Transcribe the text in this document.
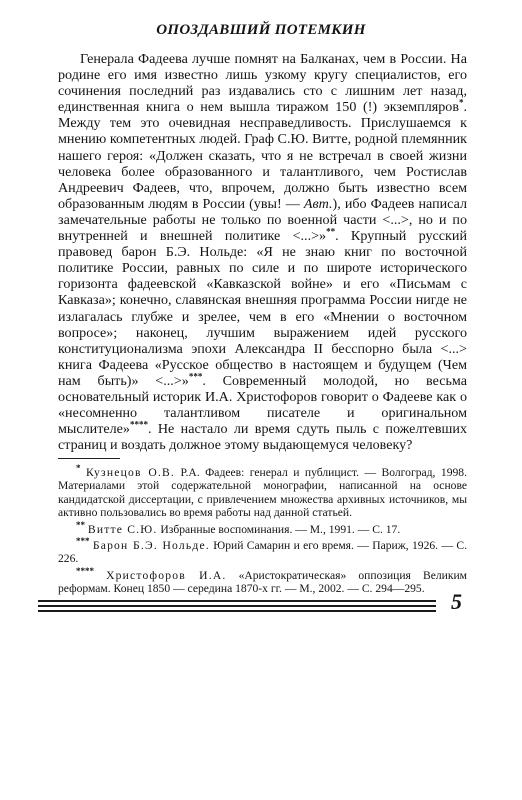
ОПОЗДАВШИЙ ПОТЕМКИН

Генерала Фадеева лучше помнят на Балканах, чем в России. На родине его имя известно лишь узкому кругу специалистов, его сочинения последний раз издавались сто с лишним лет назад, единственная книга о нем вышла тиражом 150 (!) экземпляров*. Между тем это очевидная несправедливость. Прислушаемся к мнению компетентных людей. Граф С.Ю. Витте, родной племянник нашего героя: «Должен сказать, что я не встречал в своей жизни человека более образованного и талантливого, чем Ростислав Андреевич Фадеев, что, впрочем, должно быть известно всем образованным людям в России (увы! — Авт.), ибо Фадеев написал замечательные работы не только по военной части <...>, но и по внутренней и внешней политике <...>»**. Крупный русский правовед барон Б.Э. Нольде: «Я не знаю книг по восточной политике России, равных по силе и по широте исторического горизонта фадеевской «Кавказской войне» и его «Письмам с Кавказа»; конечно, славянская внешняя программа России нигде не излагалась глубже и зрелее, чем в его «Мнении о восточном вопросе»; наконец, лучшим выражением идей русского конституционализма эпохи Александра II бесспорно была <...> книга Фадеева «Русское общество в настоящем и будущем (Чем нам быть)» <...>»***. Современный молодой, но весьма основательный историк И.А. Христофоров говорит о Фадееве как о «несомненно талантливом писателе и оригинальном мыслителе»****. Не настало ли время сдуть пыль с пожелтевших страниц и воздать должное этому выдающемуся человеку?

* Кузнецов О.В. Р.А. Фадеев: генерал и публицист. — Волгоград, 1998. Материалами этой содержательной монографии, написанной на основе кандидатской диссертации, с привлечением множества архивных источников, мы активно пользовались во время работы над данной статьей.

** Витте С.Ю. Избранные воспоминания. — М., 1991. — С. 17.

*** Барон Б.Э. Нольде. Юрий Самарин и его время. — Париж, 1926. — С. 226.

**** Христофоров И.А. «Аристократическая» оппозиция Великим реформам. Конец 1850 — середина 1870-х гг. — М., 2002. — С. 294—295.

5
